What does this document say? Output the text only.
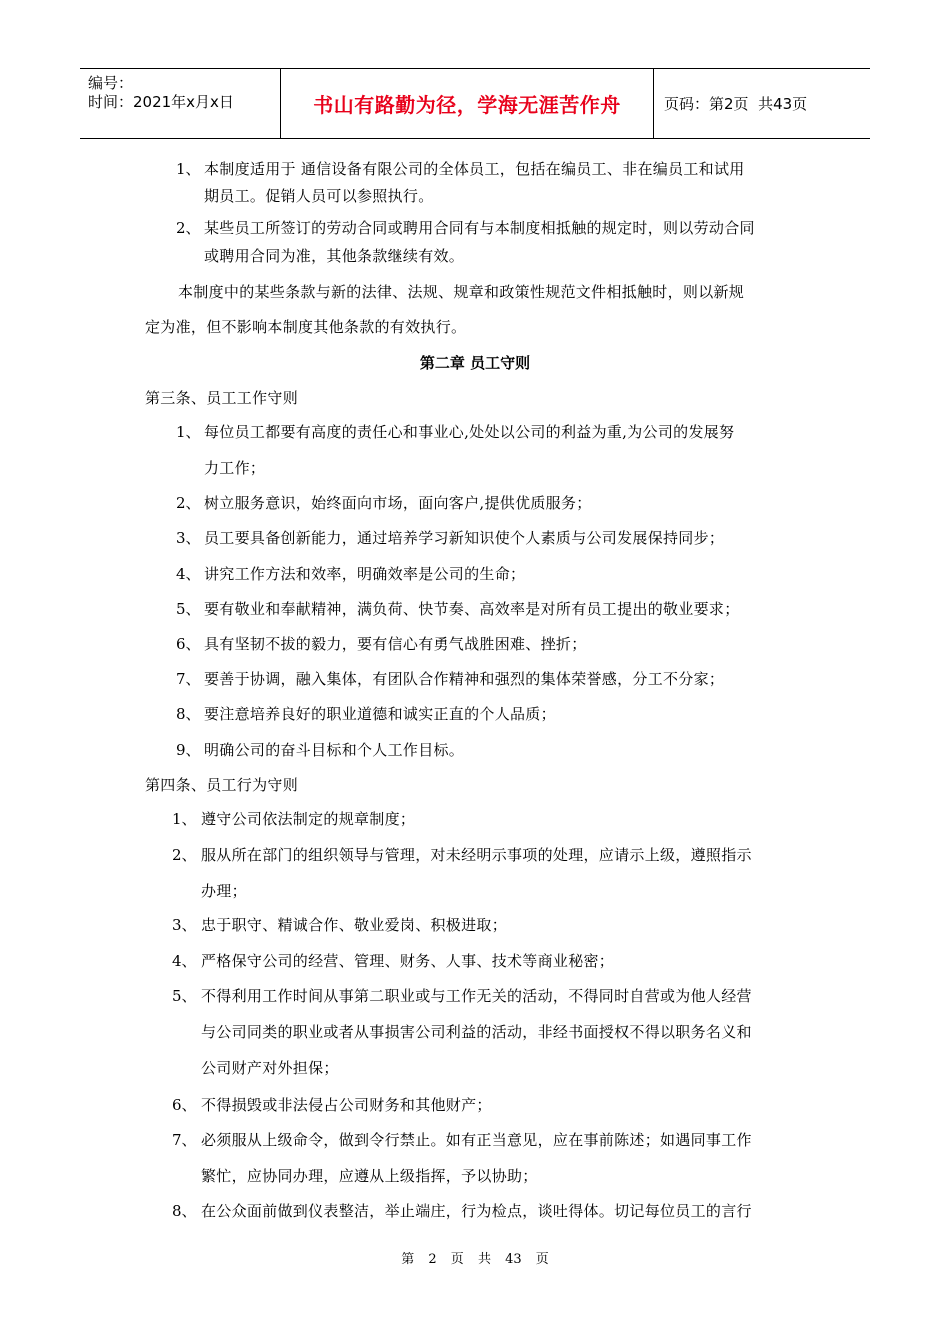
编号：
时间：2021年x月x日	书山有路勤为径，学海无涯苦作舟	页码：第2页  共43页
1、 本制度适用于 通信设备有限公司的全体员工，包括在编员工、非在编员工和试用
期员工。促销人员可以参照执行。
2、 某些员工所签订的劳动合同或聘用合同有与本制度相抵触的规定时，则以劳动合同
或聘用合同为准，其他条款继续有效。
本制度中的某些条款与新的法律、法规、规章和政策性规范文件相抵触时，则以新规
定为准，但不影响本制度其他条款的有效执行。
第二章 员工守则
第三条、员工工作守则
1、 每位员工都要有高度的责任心和事业心,处处以公司的利益为重,为公司的发展努
力工作；
2、 树立服务意识，始终面向市场，面向客户,提供优质服务；
3、 员工要具备创新能力，通过培养学习新知识使个人素质与公司发展保持同步；
4、 讲究工作方法和效率，明确效率是公司的生命；
5、 要有敬业和奉献精神，满负荷、快节奏、高效率是对所有员工提出的敬业要求；
6、 具有坚韧不拔的毅力，要有信心有勇气战胜困难、挫折；
7、 要善于协调，融入集体，有团队合作精神和强烈的集体荣誉感，分工不分家；
8、 要注意培养良好的职业道德和诚实正直的个人品质；
9、 明确公司的奋斗目标和个人工作目标。
第四条、员工行为守则
1、 遵守公司依法制定的规章制度；
2、 服从所在部门的组织领导与管理，对未经明示事项的处理，应请示上级，遵照指示
办理；
3、 忠于职守、精诚合作、敬业爱岗、积极进取；
4、 严格保守公司的经营、管理、财务、人事、技术等商业秘密；
5、 不得利用工作时间从事第二职业或与工作无关的活动，不得同时自营或为他人经营
与公司同类的职业或者从事损害公司利益的活动，非经书面授权不得以职务名义和
公司财产对外担保；
6、 不得损毁或非法侵占公司财务和其他财产；
7、 必须服从上级命令，做到令行禁止。如有正当意见，应在事前陈述；如遇同事工作
繁忙，应协同办理，应遵从上级指挥，予以协助；
8、 在公众面前做到仪表整洁，举止端庄，行为检点，谈吐得体。切记每位员工的言行
第 2 页 共 43 页
